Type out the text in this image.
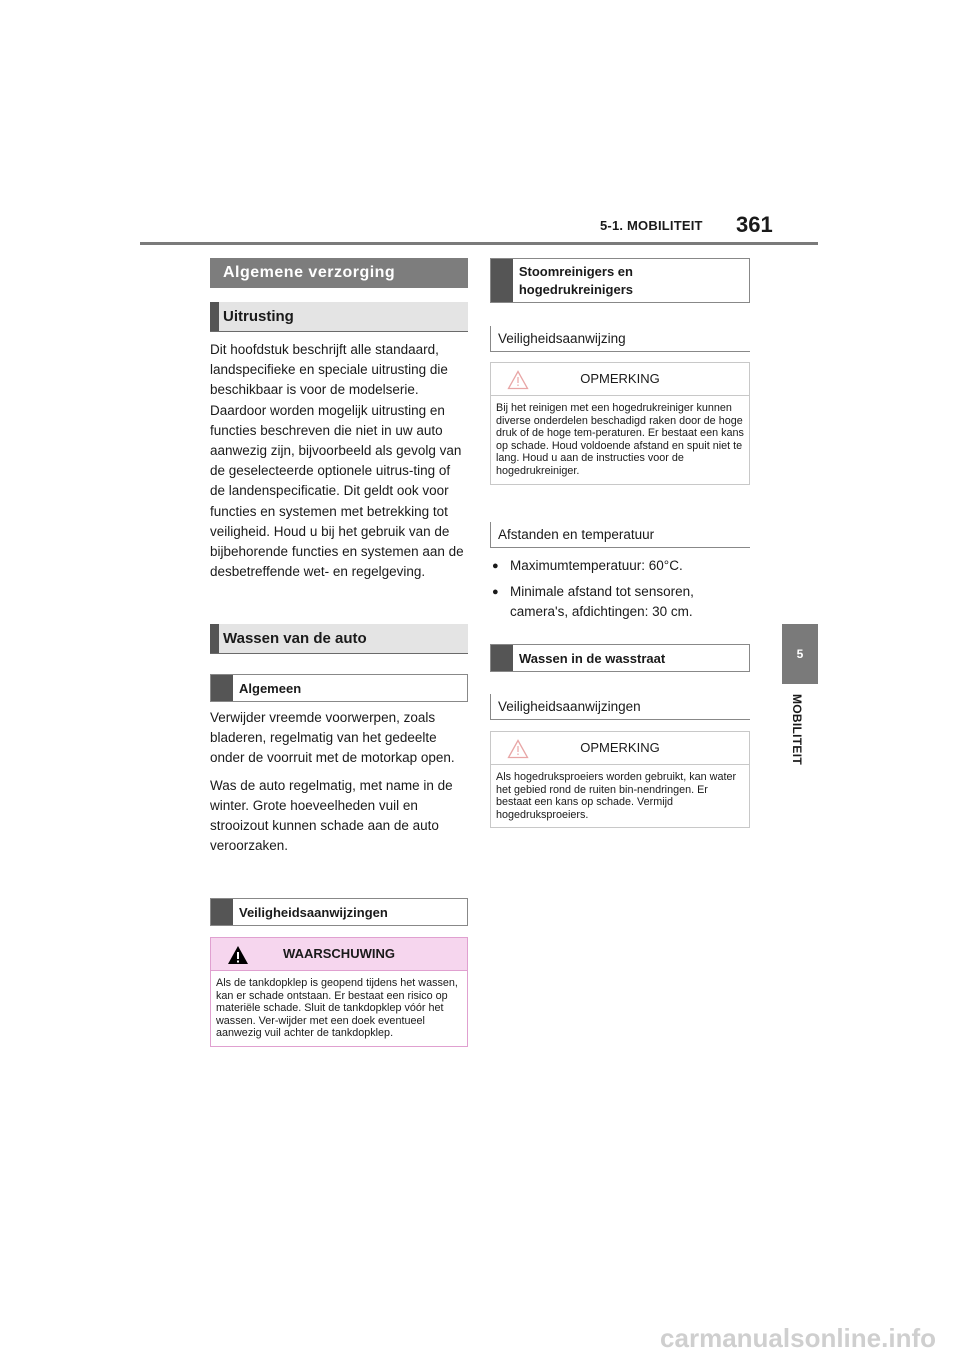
5-1. MOBILITEIT 361
5
MOBILITEIT
Algemene verzorging
Uitrusting

Dit hoofdstuk beschrijft alle standaard, landspecifieke en speciale uitrusting die beschikbaar is voor de modelserie. Daardoor worden mogelijk uitrusting en functies beschreven die niet in uw auto aanwezig zijn, bijvoorbeeld als gevolg van de geselecteerde optionele uitrus-ting of de landenspecificatie. Dit geldt ook voor functies en systemen met betrekking tot veiligheid. Houd u bij het gebruik van de bijbehorende functies en systemen aan de desbetreffende wet- en regelgeving.

Wassen van de auto
Algemeen

Verwijder vreemde voorwerpen, zoals bladeren, regelmatig van het gedeelte onder de voorruit met de motorkap open.

Was de auto regelmatig, met name in de winter. Grote hoeveelheden vuil en strooizout kunnen schade aan de auto veroorzaken.

Veiligheidsaanwijzingen
WAARSCHUWING
Als de tankdopklep is geopend tijdens het wassen, kan er schade ontstaan. Er bestaat een risico op materiële schade. Sluit de tankdopklep vóór het wassen. Ver-wijder met een doek eventueel aanwezig vuil achter de tankdopklep.
Stoomreinigers en hogedrukreinigers
Veiligheidsaanwijzing
OPMERKING
Bij het reinigen met een hogedrukreiniger kunnen diverse onderdelen beschadigd raken door de hoge druk of de hoge tem-peraturen. Er bestaat een kans op schade. Houd voldoende afstand en spuit niet te lang. Houd u aan de instructies voor de hogedrukreiniger.
Afstanden en temperatuur
● Maximumtemperatuur: 60°C.
● Minimale afstand tot sensoren, camera's, afdichtingen: 30 cm.
Wassen in de wasstraat
Veiligheidsaanwijzingen
OPMERKING
Als hogedruksproeiers worden gebruikt, kan water het gebied rond de ruiten bin-nendringen. Er bestaat een kans op schade. Vermijd hogedruksproeiers.
carmanualsonline.info
